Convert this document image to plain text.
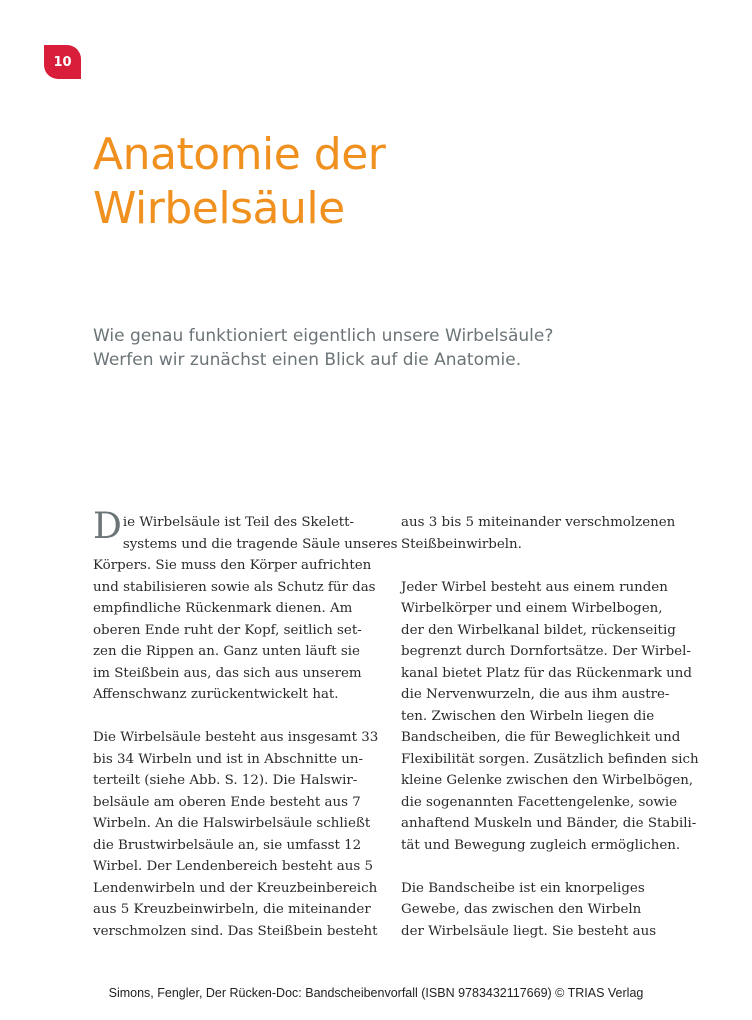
10
Anatomie der
Wirbelsäule

Wie genau funktioniert eigentlich unsere Wirbelsäule?
Werfen wir zunächst einen Blick auf die Anatomie.

D ie Wirbelsäule ist Teil des Skelett-
systems und die tragende Säule unseres
Körpers. Sie muss den Körper aufrichten
und stabilisieren sowie als Schutz für das
empfindliche Rückenmark dienen. Am
oberen Ende ruht der Kopf, seitlich set-
zen die Rippen an. Ganz unten läuft sie
im Steißbein aus, das sich aus unserem
Affenschwanz zurückentwickelt hat.
Die Wirbelsäule besteht aus insgesamt 33
bis 34 Wirbeln und ist in Abschnitte un-
terteilt (siehe Abb. S. 12). Die Halswir-
belsäule am oberen Ende besteht aus 7
Wirbeln. An die Halswirbelsäule schließt
die Brustwirbelsäule an, sie umfasst 12
Wirbel. Der Lendenbereich besteht aus 5
Lendenwirbeln und der Kreuzbeinbereich
aus 5 Kreuzbeinwirbeln, die miteinander
verschmolzen sind. Das Steißbein besteht
aus 3 bis 5 miteinander verschmolzenen
Steißbeinwirbeln.
Jeder Wirbel besteht aus einem runden
Wirbelkörper und einem Wirbelbogen,
der den Wirbelkanal bildet, rückenseitig
begrenzt durch Dornfortsätze. Der Wirbel-
kanal bietet Platz für das Rückenmark und
die Nervenwurzeln, die aus ihm austre-
ten. Zwischen den Wirbeln liegen die
Bandscheiben, die für Beweglichkeit und
Flexibilität sorgen. Zusätzlich befinden sich
kleine Gelenke zwischen den Wirbelbögen,
die sogenannten Facettengelenke, sowie
anhaftend Muskeln und Bänder, die Stabili-
tät und Bewegung zugleich ermöglichen.
Die Bandscheibe ist ein knorpeliges
Gewebe, das zwischen den Wirbeln
der Wirbelsäule liegt. Sie besteht aus
Simons, Fengler, Der Rücken-Doc: Bandscheibenvorfall (ISBN 9783432117669) © TRIAS Verlag
